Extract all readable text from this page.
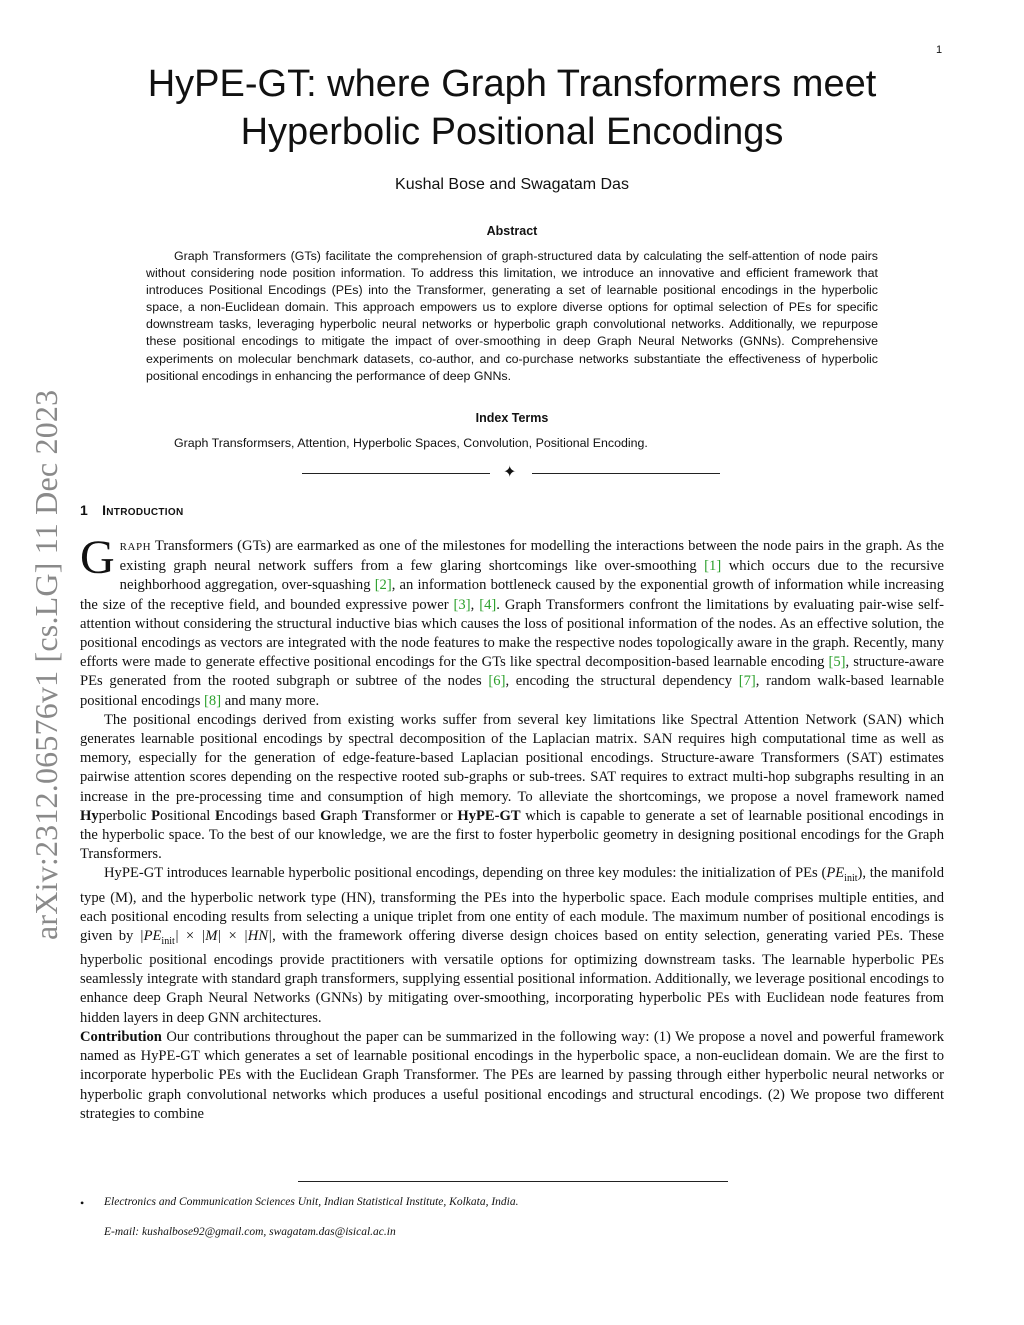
1
arXiv:2312.06576v1 [cs.LG] 11 Dec 2023
HyPE-GT: where Graph Transformers meet
Hyperbolic Positional Encodings
Kushal Bose and Swagatam Das
Abstract

Graph Transformers (GTs) facilitate the comprehension of graph-structured data by calculating the self-attention of node pairs without considering node position information. To address this limitation, we introduce an innovative and efficient framework that introduces Positional Encodings (PEs) into the Transformer, generating a set of learnable positional encodings in the hyperbolic space, a non-Euclidean domain. This approach empowers us to explore diverse options for optimal selection of PEs for specific downstream tasks, leveraging hyperbolic neural networks or hyperbolic graph convolutional networks. Additionally, we repurpose these positional encodings to mitigate the impact of over-smoothing in deep Graph Neural Networks (GNNs). Comprehensive experiments on molecular benchmark datasets, co-author, and co-purchase networks substantiate the effectiveness of hyperbolic positional encodings in enhancing the performance of deep GNNs.

Index Terms

Graph Transformsers, Attention, Hyperbolic Spaces, Convolution, Positional Encoding.

✦
1 Introduction

GRAPH Transformers (GTs) are earmarked as one of the milestones for modelling the interactions between the node pairs in the graph. As the existing graph neural network suffers from a few glaring shortcomings like over-smoothing [1] which occurs due to the recursive neighborhood aggregation, over-squashing [2], an information bottleneck caused by the exponential growth of information while increasing the size of the receptive field, and bounded expressive power [3], [4]. Graph Transformers confront the limitations by evaluating pair-wise self-attention without considering the structural inductive bias which causes the loss of positional information of the nodes. As an effective solution, the positional encodings as vectors are integrated with the node features to make the respective nodes topologically aware in the graph. Recently, many efforts were made to generate effective positional encodings for the GTs like spectral decomposition-based learnable encoding [5], structure-aware PEs generated from the rooted subgraph or subtree of the nodes [6], encoding the structural dependency [7], random walk-based learnable positional encodings [8] and many more.

The positional encodings derived from existing works suffer from several key limitations like Spectral Attention Network (SAN) which generates learnable positional encodings by spectral decomposition of the Laplacian matrix. SAN requires high computational time as well as memory, especially for the generation of edge-feature-based Laplacian positional encodings. Structure-aware Transformers (SAT) estimates pairwise attention scores depending on the respective rooted sub-graphs or sub-trees. SAT requires to extract multi-hop subgraphs resulting in an increase in the pre-processing time and consumption of high memory. To alleviate the shortcomings, we propose a novel framework named Hyperbolic Positional Encodings based Graph Transformer or HyPE-GT which is capable to generate a set of learnable positional encodings in the hyperbolic space. To the best of our knowledge, we are the first to foster hyperbolic geometry in designing positional encodings for the Graph Transformers.

HyPE-GT introduces learnable hyperbolic positional encodings, depending on three key modules: the initialization of PEs $(PE_{init})$, the manifold type (M), and the hyperbolic network type (HN), transforming the PEs into the hyperbolic space. Each module comprises multiple entities, and each positional encoding results from selecting a unique triplet from one entity of each module. The maximum number of positional encodings is given by $|PE_{init}| \times |M| \times |HN|$, with the framework offering diverse design choices based on entity selection, generating varied PEs. These hyperbolic positional encodings provide practitioners with versatile options for optimizing downstream tasks. The learnable hyperbolic PEs seamlessly integrate with standard graph transformers, supplying essential positional information. Additionally, we leverage positional encodings to enhance deep Graph Neural Networks (GNNs) by mitigating over-smoothing, incorporating hyperbolic PEs with Euclidean node features from hidden layers in deep GNN architectures.

Contribution Our contributions throughout the paper can be summarized in the following way: (1) We propose a novel and powerful framework named as HyPE-GT which generates a set of learnable positional encodings in the hyperbolic space, a non-euclidean domain. We are the first to incorporate hyperbolic PEs with the Euclidean Graph Transformer. The PEs are learned by passing through either hyperbolic neural networks or hyperbolic graph convolutional networks which produces a useful positional encodings and structural encodings. (2) We propose two different strategies to combine

• Electronics and Communication Sciences Unit, Indian Statistical Institute, Kolkata, India.
E-mail: kushalbose92@gmail.com, swagatam.das@isical.ac.in
